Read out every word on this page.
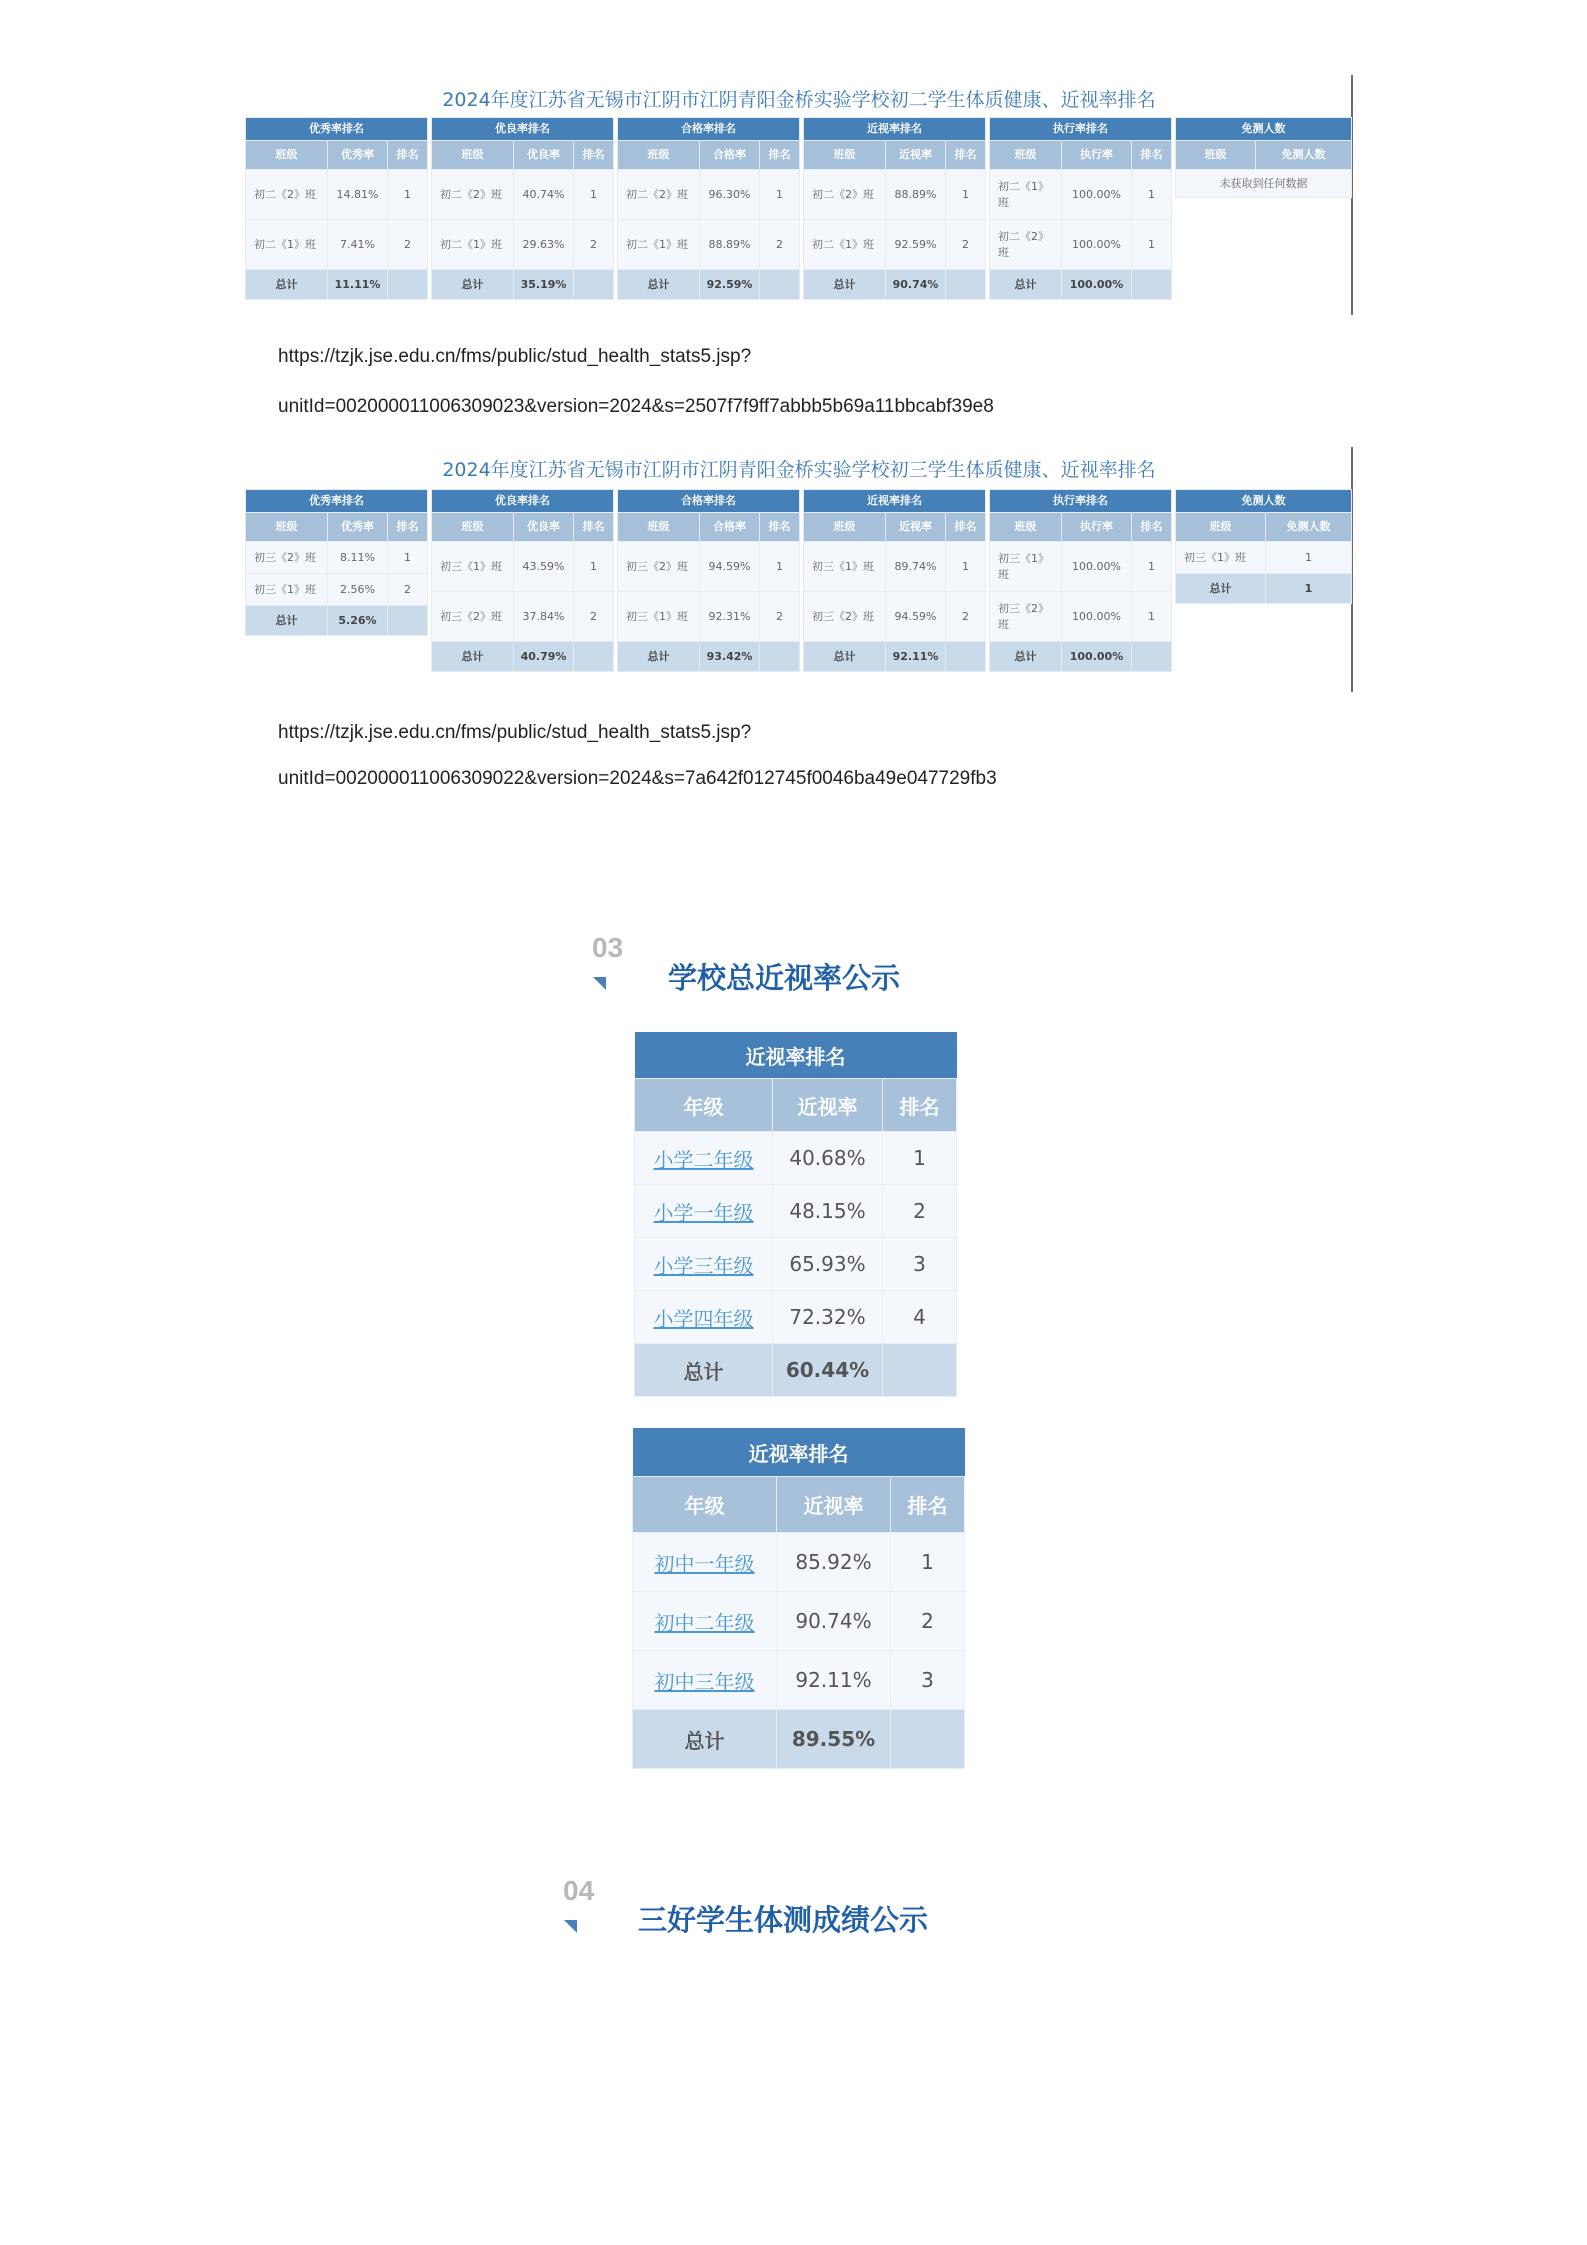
2024年度江苏省无锡市江阴市江阴青阳金桥实验学校初二学生体质健康、近视率排名
优秀率排名		
班级	优秀率	排名
初二《2》班	14.81%	1
初二《1》班	7.41%	2
总计	11.11%	
优良率排名		
班级	优良率	排名
初二《2》班	40.74%	1
初二《1》班	29.63%	2
总计	35.19%	
合格率排名		
班级	合格率	排名
初二《2》班	96.30%	1
初二《1》班	88.89%	2
总计	92.59%	
近视率排名		
班级	近视率	排名
初二《2》班	88.89%	1
初二《1》班	92.59%	2
总计	90.74%	
执行率排名		
班级	执行率	排名
初二《1》班	100.00%	1
初二《2》班	100.00%	1
总计	100.00%	
免测人数
班级	免测人数
未获取到任何数据
https://tzjk.jse.edu.cn/fms/public/stud_health_stats5.jsp?
unitId=002000011006309023&version=2024&s=2507f7f9ff7abbb5b69a11bbcabf39e8
2024年度江苏省无锡市江阴市江阴青阳金桥实验学校初三学生体质健康、近视率排名
优秀率排名		
班级	优秀率	排名
初三《2》班	8.11%	1
初三《1》班	2.56%	2
总计	5.26%	
优良率排名		
班级	优良率	排名
初三《1》班	43.59%	1
初三《2》班	37.84%	2
总计	40.79%	
合格率排名		
班级	合格率	排名
初三《2》班	94.59%	1
初三《1》班	92.31%	2
总计	93.42%	
近视率排名		
班级	近视率	排名
初三《1》班	89.74%	1
初三《2》班	94.59%	2
总计	92.11%	
执行率排名		
班级	执行率	排名
初三《1》班	100.00%	1
初三《2》班	100.00%	1
总计	100.00%	
免测人数	
班级	免测人数
初三《1》班	1
总计	1
https://tzjk.jse.edu.cn/fms/public/stud_health_stats5.jsp?
unitId=002000011006309022&version=2024&s=7a642f012745f0046ba49e047729fb3
03
学校总近视率公示
近视率排名		
年级	近视率	排名
小学二年级	40.68%	1
小学一年级	48.15%	2
小学三年级	65.93%	3
小学四年级	72.32%	4
总计	60.44%	
近视率排名		
年级	近视率	排名
初中一年级	85.92%	1
初中二年级	90.74%	2
初中三年级	92.11%	3
总计	89.55%	
04
三好学生体测成绩公示
